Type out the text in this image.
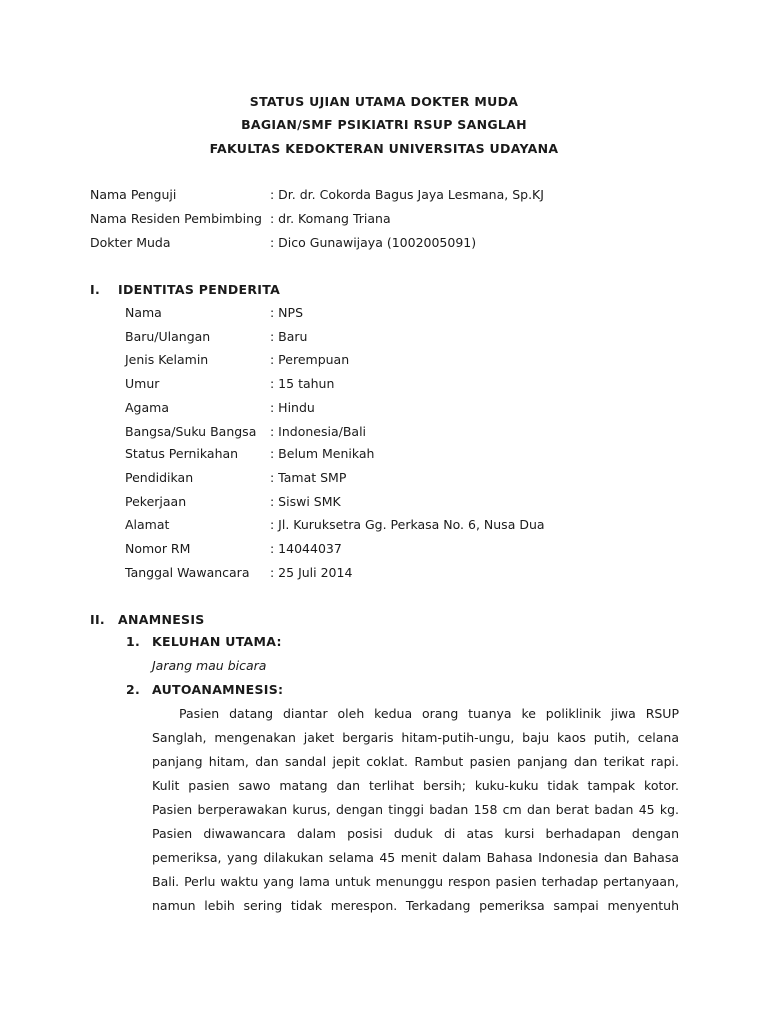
STATUS UJIAN UTAMA DOKTER MUDA
BAGIAN/SMF PSIKIATRI RSUP SANGLAH
FAKULTAS KEDOKTERAN UNIVERSITAS UDAYANA
Nama Penguji	: Dr. dr. Cokorda Bagus Jaya Lesmana, Sp.KJ
Nama Residen Pembimbing : dr. Komang Triana
Dokter Muda	: Dico Gunawijaya (1002005091)
I. IDENTITAS PENDERITA
Nama	: NPS
Baru/Ulangan	: Baru
Jenis Kelamin	: Perempuan
Umur	: 15 tahun
Agama	: Hindu
Bangsa/Suku Bangsa : Indonesia/Bali
Status Pernikahan	: Belum Menikah
Pendidikan	: Tamat SMP
Pekerjaan	: Siswi SMK
Alamat	: Jl. Kuruksetra Gg. Perkasa No. 6, Nusa Dua
Nomor RM	: 14044037
Tanggal Wawancara : 25 Juli 2014
II. ANAMNESIS
1. KELUHAN UTAMA:
Jarang mau bicara
2. AUTOANAMNESIS:
Pasien datang diantar oleh kedua orang tuanya ke poliklinik jiwa RSUP
Sanglah, mengenakan jaket bergaris hitam-putih-ungu, baju kaos putih, celana
panjang hitam, dan sandal jepit coklat. Rambut pasien panjang dan terikat rapi.
Kulit pasien sawo matang dan terlihat bersih; kuku-kuku tidak tampak kotor.
Pasien berperawakan kurus, dengan tinggi badan 158 cm dan berat badan 45 kg.
Pasien diwawancara dalam posisi duduk di atas kursi berhadapan dengan
pemeriksa, yang dilakukan selama 45 menit dalam Bahasa Indonesia dan Bahasa
Bali. Perlu waktu yang lama untuk menunggu respon pasien terhadap pertanyaan,
namun lebih sering tidak merespon. Terkadang pemeriksa sampai menyentuh
